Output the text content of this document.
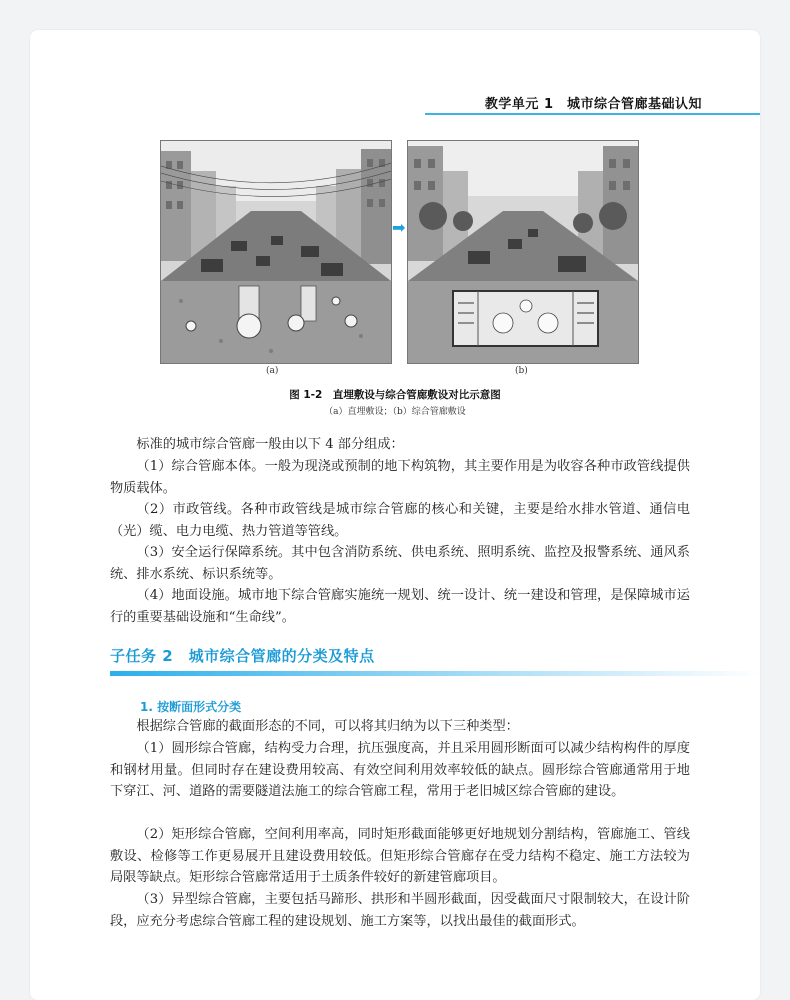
教学单元 1　城市综合管廊基础认知
➡
(a)	(b)
图 1-2　直埋敷设与综合管廊敷设对比示意图
（a）直埋敷设；（b）综合管廊敷设

标准的城市综合管廊一般由以下 4 部分组成：

（1）综合管廊本体。一般为现浇或预制的地下构筑物，其主要作用是为收容各种市政管线提供物质载体。

（2）市政管线。各种市政管线是城市综合管廊的核心和关键，主要是给水排水管道、通信电（光）缆、电力电缆、热力管道等管线。

（3）安全运行保障系统。其中包含消防系统、供电系统、照明系统、监控及报警系统、通风系统、排水系统、标识系统等。

（4）地面设施。城市地下综合管廊实施统一规划、统一设计、统一建设和管理，是保障城市运行的重要基础设施和“生命线”。

子任务 2　城市综合管廊的分类及特点
1. 按断面形式分类

根据综合管廊的截面形态的不同，可以将其归纳为以下三种类型：

（1）圆形综合管廊，结构受力合理，抗压强度高，并且采用圆形断面可以减少结构构件的厚度和钢材用量。但同时存在建设费用较高、有效空间利用效率较低的缺点。圆形综合管廊通常用于地下穿江、河、道路的需要隧道法施工的综合管廊工程，常用于老旧城区综合管廊的建设。

（2）矩形综合管廊，空间利用率高，同时矩形截面能够更好地规划分割结构，管廊施工、管线敷设、检修等工作更易展开且建设费用较低。但矩形综合管廊存在受力结构不稳定、施工方法较为局限等缺点。矩形综合管廊常适用于土质条件较好的新建管廊项目。

（3）异型综合管廊，主要包括马蹄形、拱形和半圆形截面，因受截面尺寸限制较大，在设计阶段，应充分考虑综合管廊工程的建设规划、施工方案等，以找出最佳的截面形式。
